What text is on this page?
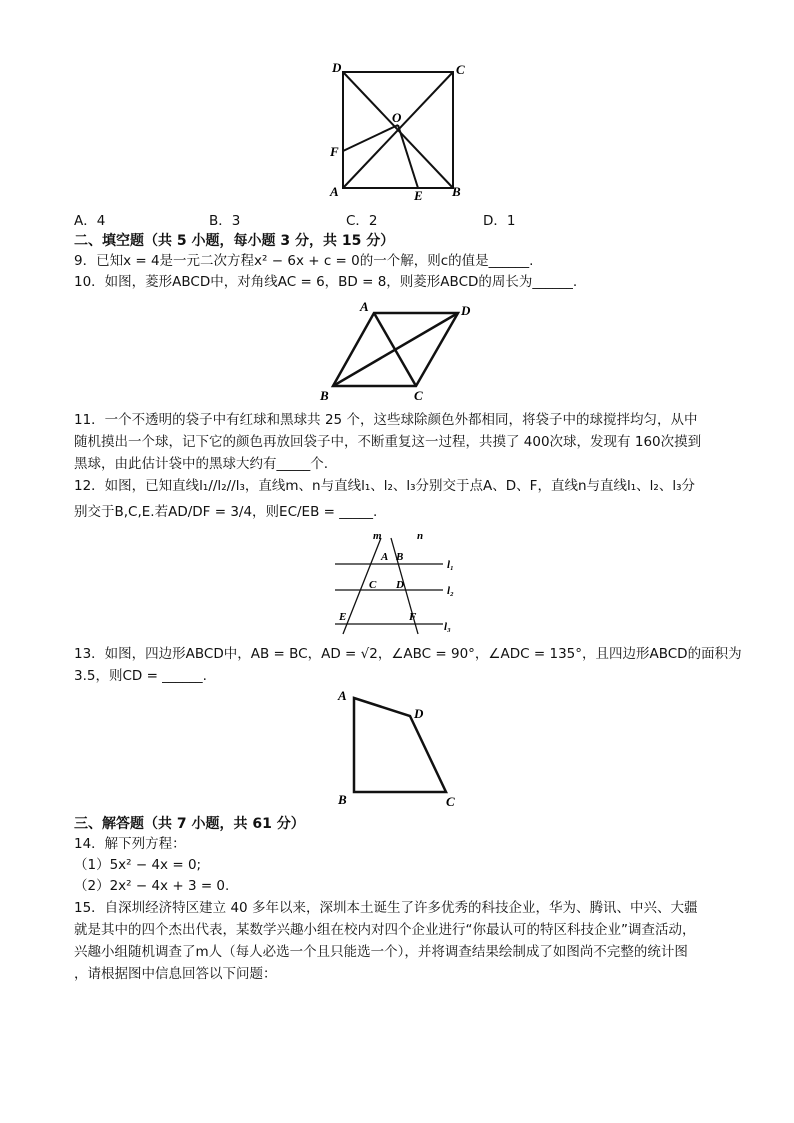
D	C
O
F
A	E B
A．4	B．3	C．2	D．1
二、填空题（共 5 小题，每小题 3 分，共 15 分）
9．已知x = 4是一元二次方程x² − 6x + c = 0的一个解，则c的值是______.
10．如图，菱形ABCD中，对角线AC = 6，BD = 8，则菱形ABCD的周长为______.
A	D
B	C
11．一个不透明的袋子中有红球和黑球共 25 个，这些球除颜色外都相同，将袋子中的球搅拌均匀，从中
随机摸出一个球，记下它的颜色再放回袋子中，不断重复这一过程，共摸了 400次球，发现有 160次摸到
黑球，由此估计袋中的黑球大约有_____个.
12．如图，已知直线l₁//l₂//l₃，直线m、n与直线l₁、l₂、l₃分别交于点A、D、F，直线n与直线l₁、l₂、l₃分
别交于B,C,E.若AD/DF = 3/4，则EC/EB = _____.
m	n
A B
C D
E	F
l₁
l₂
l₃
13．如图，四边形ABCD中，AB = BC，AD = √2，∠ABC = 90°，∠ADC = 135°，且四边形ABCD的面积为
3.5，则CD = ______.
A
D
B	C
三、解答题（共 7 小题，共 61 分）
14．解下列方程：
（1）5x² − 4x = 0;
（2）2x² − 4x + 3 = 0.
15．自深圳经济特区建立 40 多年以来，深圳本土诞生了许多优秀的科技企业，华为、腾讯、中兴、大疆
就是其中的四个杰出代表，某数学兴趣小组在校内对四个企业进行“你最认可的特区科技企业”调查活动，
兴趣小组随机调查了m人（每人必选一个且只能选一个），并将调查结果绘制成了如图尚不完整的统计图
，请根据图中信息回答以下问题：
